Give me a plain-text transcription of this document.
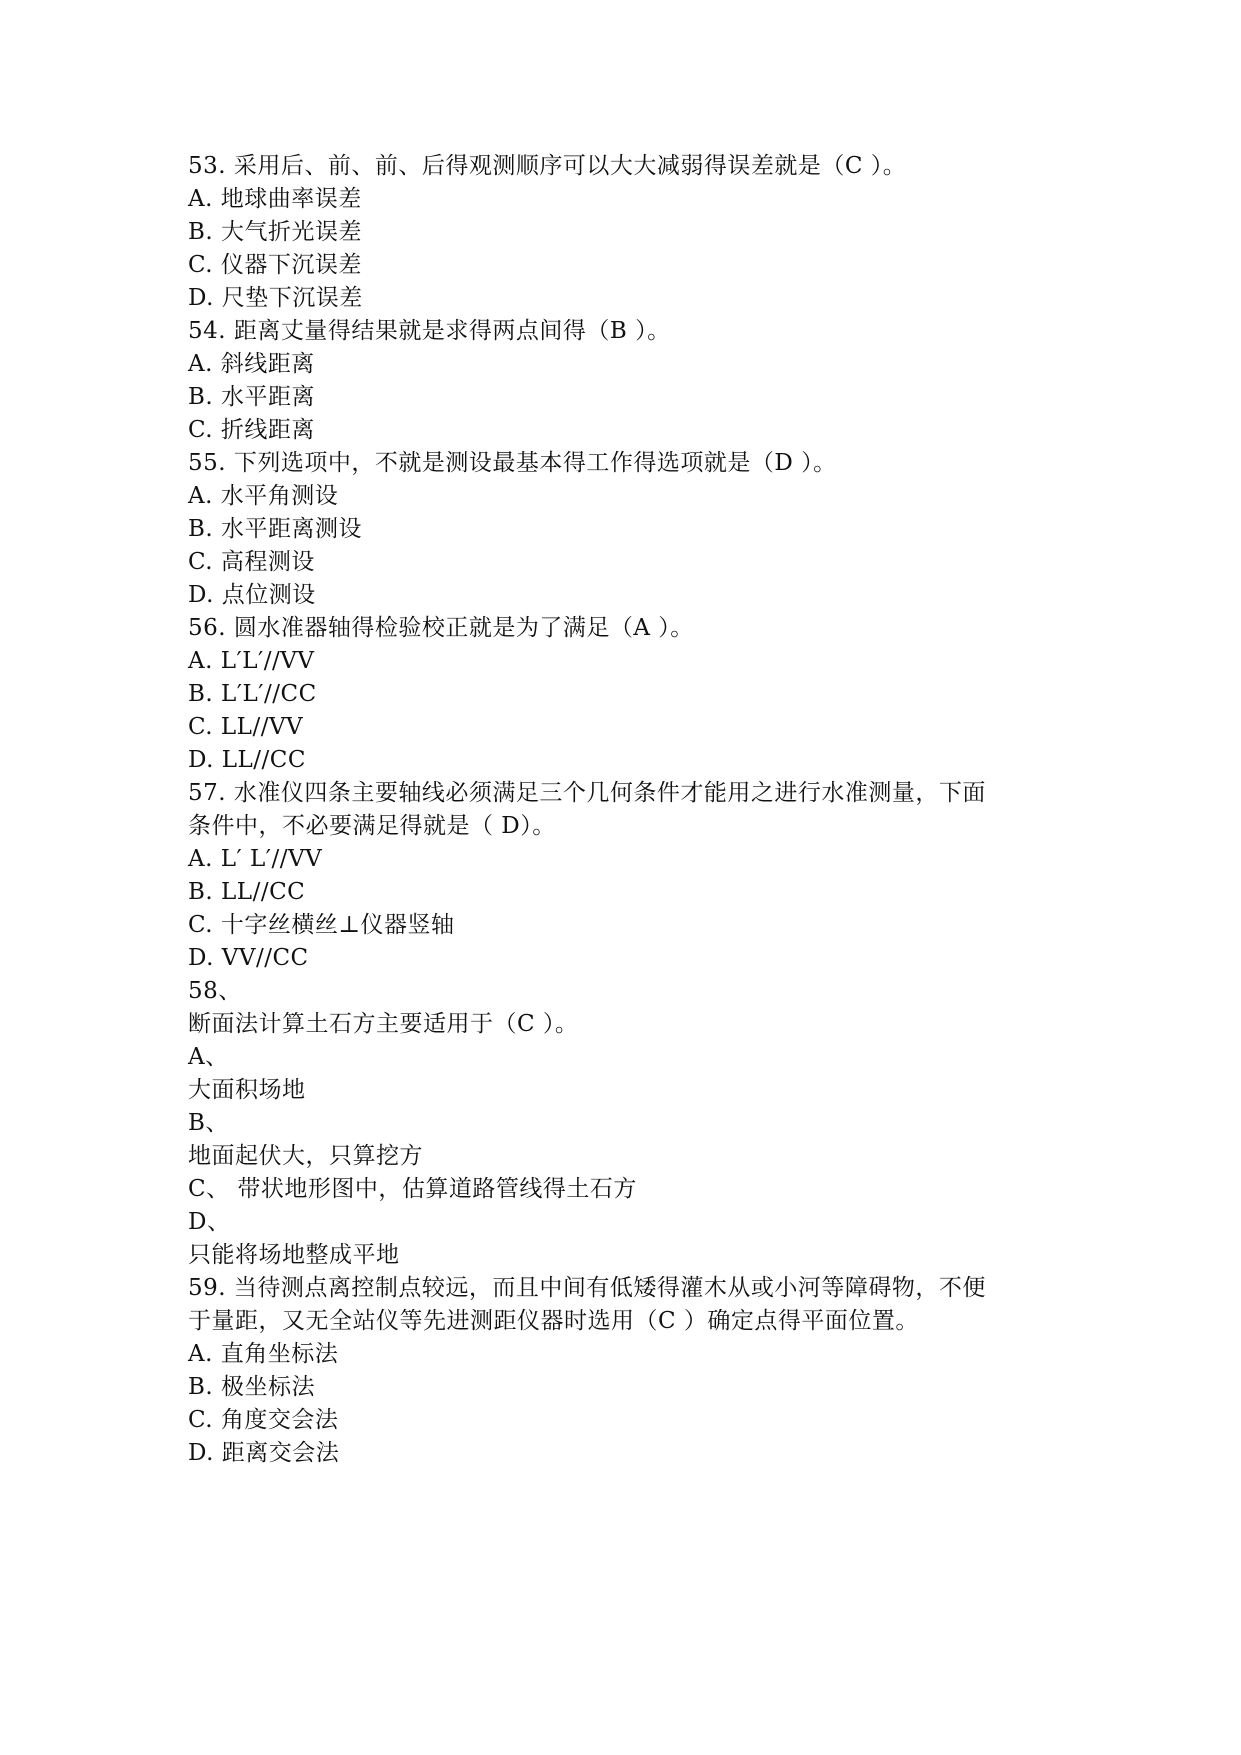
53. 采用后、前、前、后得观测顺序可以大大减弱得误差就是（C ）。
A. 地球曲率误差
B. 大气折光误差
C. 仪器下沉误差
D. 尺垫下沉误差
54. 距离丈量得结果就是求得两点间得（B ）。
A. 斜线距离
B. 水平距离
C. 折线距离
55. 下列选项中，不就是测设最基本得工作得选项就是（D ）。
A. 水平角测设
B. 水平距离测设
C. 高程测设
D. 点位测设
56. 圆水准器轴得检验校正就是为了满足（A ）。
A. L′L′//VV
B. L′L′//CC
C. LL//VV
D. LL//CC
57. 水准仪四条主要轴线必须满足三个几何条件才能用之进行水准测量，下面
条件中，不必要满足得就是（ D）。
A. L′ L′//VV
B. LL//CC
C. 十字丝横丝⊥仪器竖轴
D. VV//CC
58、
断面法计算土石方主要适用于（C ）。
A、
大面积场地
B、
地面起伏大，只算挖方
C、 带状地形图中，估算道路管线得土石方
D、
只能将场地整成平地
59. 当待测点离控制点较远，而且中间有低矮得灌木从或小河等障碍物，不便
于量距，又无全站仪等先进测距仪器时选用（C ）确定点得平面位置。
A. 直角坐标法
B. 极坐标法
C. 角度交会法
D. 距离交会法
